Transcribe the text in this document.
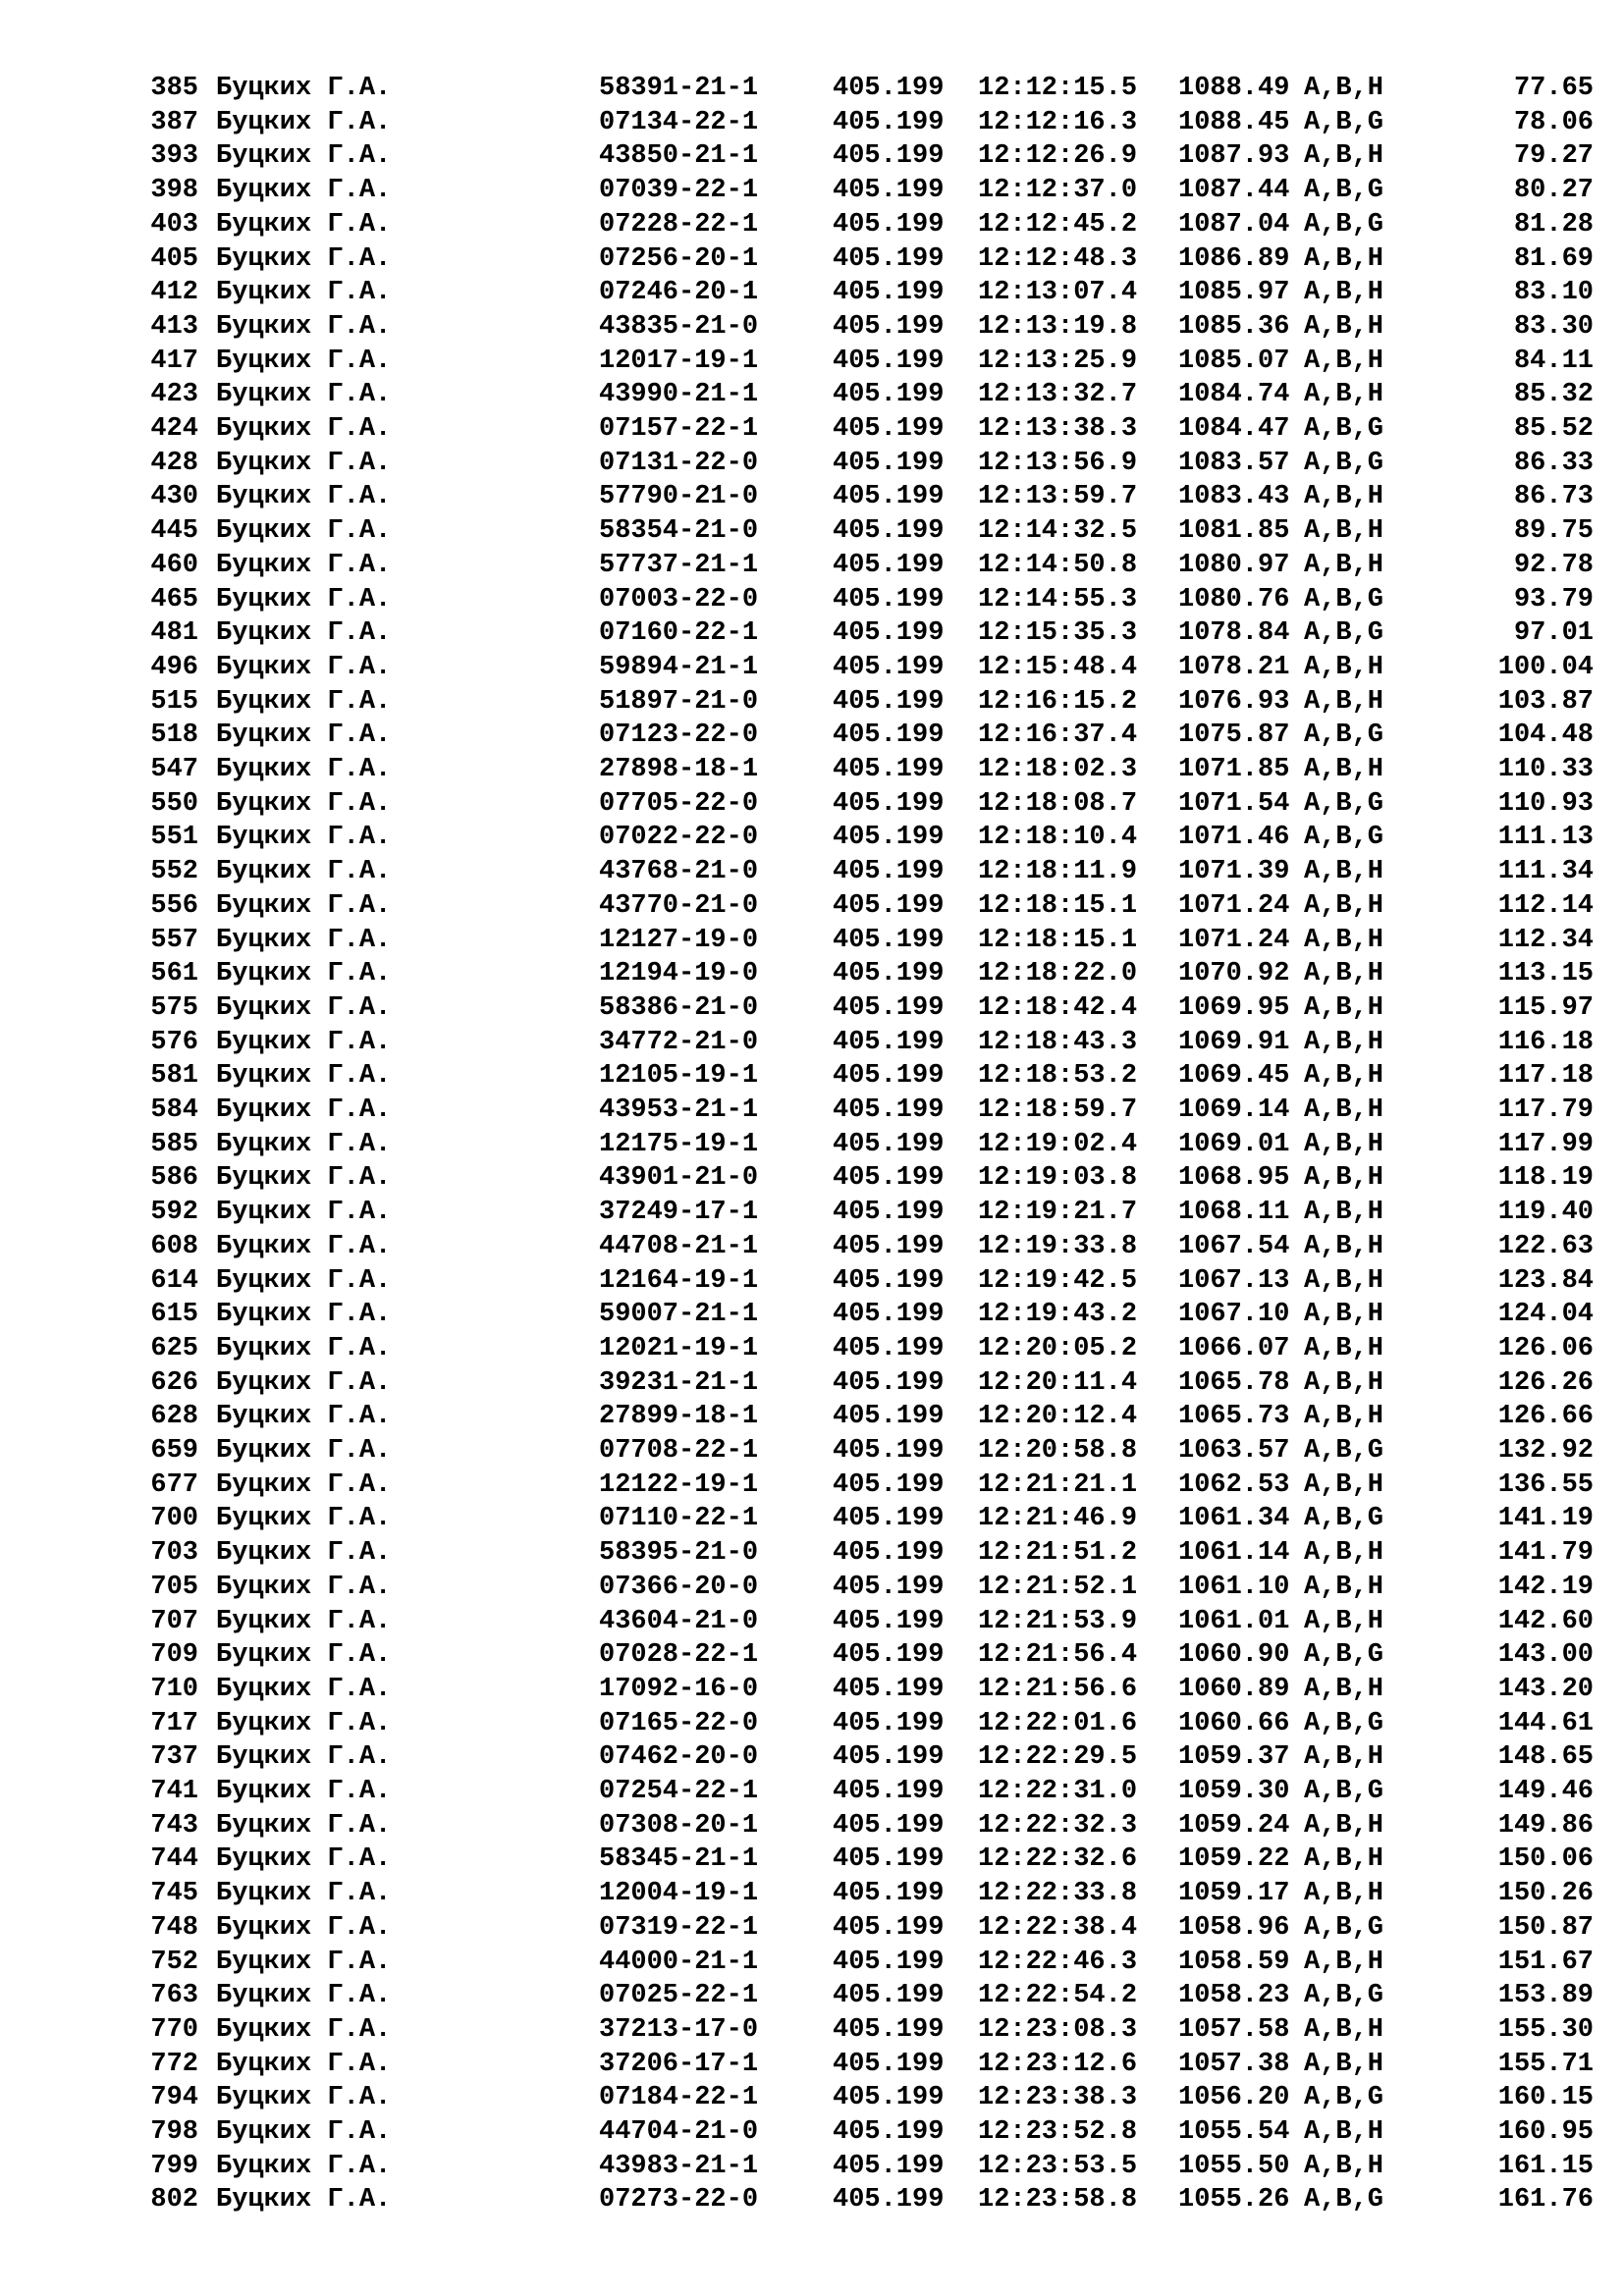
385 Буцких Г.А.	58391-21-1	405.199 12:12:15.5 1088.49 A,B,H	77.65
387 Буцких Г.А.	07134-22-1	405.199 12:12:16.3 1088.45 A,B,G	78.06
393 Буцких Г.А.	43850-21-1	405.199 12:12:26.9 1087.93 A,B,H	79.27
398 Буцких Г.А.	07039-22-1	405.199 12:12:37.0 1087.44 A,B,G	80.27
403 Буцких Г.А.	07228-22-1	405.199 12:12:45.2 1087.04 A,B,G	81.28
405 Буцких Г.А.	07256-20-1	405.199 12:12:48.3 1086.89 A,B,H	81.69
412 Буцких Г.А.	07246-20-1	405.199 12:13:07.4 1085.97 A,B,H	83.10
413 Буцких Г.А.	43835-21-0	405.199 12:13:19.8 1085.36 A,B,H	83.30
417 Буцких Г.А.	12017-19-1	405.199 12:13:25.9 1085.07 A,B,H	84.11
423 Буцких Г.А.	43990-21-1	405.199 12:13:32.7 1084.74 A,B,H	85.32
424 Буцких Г.А.	07157-22-1	405.199 12:13:38.3 1084.47 A,B,G	85.52
428 Буцких Г.А.	07131-22-0	405.199 12:13:56.9 1083.57 A,B,G	86.33
430 Буцких Г.А.	57790-21-0	405.199 12:13:59.7 1083.43 A,B,H	86.73
445 Буцких Г.А.	58354-21-0	405.199 12:14:32.5 1081.85 A,B,H	89.75
460 Буцких Г.А.	57737-21-1	405.199 12:14:50.8 1080.97 A,B,H	92.78
465 Буцких Г.А.	07003-22-0	405.199 12:14:55.3 1080.76 A,B,G	93.79
481 Буцких Г.А.	07160-22-1	405.199 12:15:35.3 1078.84 A,B,G	97.01
496 Буцких Г.А.	59894-21-1	405.199 12:15:48.4 1078.21 A,B,H	100.04
515 Буцких Г.А.	51897-21-0	405.199 12:16:15.2 1076.93 A,B,H	103.87
518 Буцких Г.А.	07123-22-0	405.199 12:16:37.4 1075.87 A,B,G	104.48
547 Буцких Г.А.	27898-18-1	405.199 12:18:02.3 1071.85 A,B,H	110.33
550 Буцких Г.А.	07705-22-0	405.199 12:18:08.7 1071.54 A,B,G	110.93
551 Буцких Г.А.	07022-22-0	405.199 12:18:10.4 1071.46 A,B,G	111.13
552 Буцких Г.А.	43768-21-0	405.199 12:18:11.9 1071.39 A,B,H	111.34
556 Буцких Г.А.	43770-21-0	405.199 12:18:15.1 1071.24 A,B,H	112.14
557 Буцких Г.А.	12127-19-0	405.199 12:18:15.1 1071.24 A,B,H	112.34
561 Буцких Г.А.	12194-19-0	405.199 12:18:22.0 1070.92 A,B,H	113.15
575 Буцких Г.А.	58386-21-0	405.199 12:18:42.4 1069.95 A,B,H	115.97
576 Буцких Г.А.	34772-21-0	405.199 12:18:43.3 1069.91 A,B,H	116.18
581 Буцких Г.А.	12105-19-1	405.199 12:18:53.2 1069.45 A,B,H	117.18
584 Буцких Г.А.	43953-21-1	405.199 12:18:59.7 1069.14 A,B,H	117.79
585 Буцких Г.А.	12175-19-1	405.199 12:19:02.4 1069.01 A,B,H	117.99
586 Буцких Г.А.	43901-21-0	405.199 12:19:03.8 1068.95 A,B,H	118.19
592 Буцких Г.А.	37249-17-1	405.199 12:19:21.7 1068.11 A,B,H	119.40
608 Буцких Г.А.	44708-21-1	405.199 12:19:33.8 1067.54 A,B,H	122.63
614 Буцких Г.А.	12164-19-1	405.199 12:19:42.5 1067.13 A,B,H	123.84
615 Буцких Г.А.	59007-21-1	405.199 12:19:43.2 1067.10 A,B,H	124.04
625 Буцких Г.А.	12021-19-1	405.199 12:20:05.2 1066.07 A,B,H	126.06
626 Буцких Г.А.	39231-21-1	405.199 12:20:11.4 1065.78 A,B,H	126.26
628 Буцких Г.А.	27899-18-1	405.199 12:20:12.4 1065.73 A,B,H	126.66
659 Буцких Г.А.	07708-22-1	405.199 12:20:58.8 1063.57 A,B,G	132.92
677 Буцких Г.А.	12122-19-1	405.199 12:21:21.1 1062.53 A,B,H	136.55
700 Буцких Г.А.	07110-22-1	405.199 12:21:46.9 1061.34 A,B,G	141.19
703 Буцких Г.А.	58395-21-0	405.199 12:21:51.2 1061.14 A,B,H	141.79
705 Буцких Г.А.	07366-20-0	405.199 12:21:52.1 1061.10 A,B,H	142.19
707 Буцких Г.А.	43604-21-0	405.199 12:21:53.9 1061.01 A,B,H	142.60
709 Буцких Г.А.	07028-22-1	405.199 12:21:56.4 1060.90 A,B,G	143.00
710 Буцких Г.А.	17092-16-0	405.199 12:21:56.6 1060.89 A,B,H	143.20
717 Буцких Г.А.	07165-22-0	405.199 12:22:01.6 1060.66 A,B,G	144.61
737 Буцких Г.А.	07462-20-0	405.199 12:22:29.5 1059.37 A,B,H	148.65
741 Буцких Г.А.	07254-22-1	405.199 12:22:31.0 1059.30 A,B,G	149.46
743 Буцких Г.А.	07308-20-1	405.199 12:22:32.3 1059.24 A,B,H	149.86
744 Буцких Г.А.	58345-21-1	405.199 12:22:32.6 1059.22 A,B,H	150.06
745 Буцких Г.А.	12004-19-1	405.199 12:22:33.8 1059.17 A,B,H	150.26
748 Буцких Г.А.	07319-22-1	405.199 12:22:38.4 1058.96 A,B,G	150.87
752 Буцких Г.А.	44000-21-1	405.199 12:22:46.3 1058.59 A,B,H	151.67
763 Буцких Г.А.	07025-22-1	405.199 12:22:54.2 1058.23 A,B,G	153.89
770 Буцких Г.А.	37213-17-0	405.199 12:23:08.3 1057.58 A,B,H	155.30
772 Буцких Г.А.	37206-17-1	405.199 12:23:12.6 1057.38 A,B,H	155.71
794 Буцких Г.А.	07184-22-1	405.199 12:23:38.3 1056.20 A,B,G	160.15
798 Буцких Г.А.	44704-21-0	405.199 12:23:52.8 1055.54 A,B,H	160.95
799 Буцких Г.А.	43983-21-1	405.199 12:23:53.5 1055.50 A,B,H	161.15
802 Буцких Г.А.	07273-22-0	405.199 12:23:58.8 1055.26 A,B,G	161.76
